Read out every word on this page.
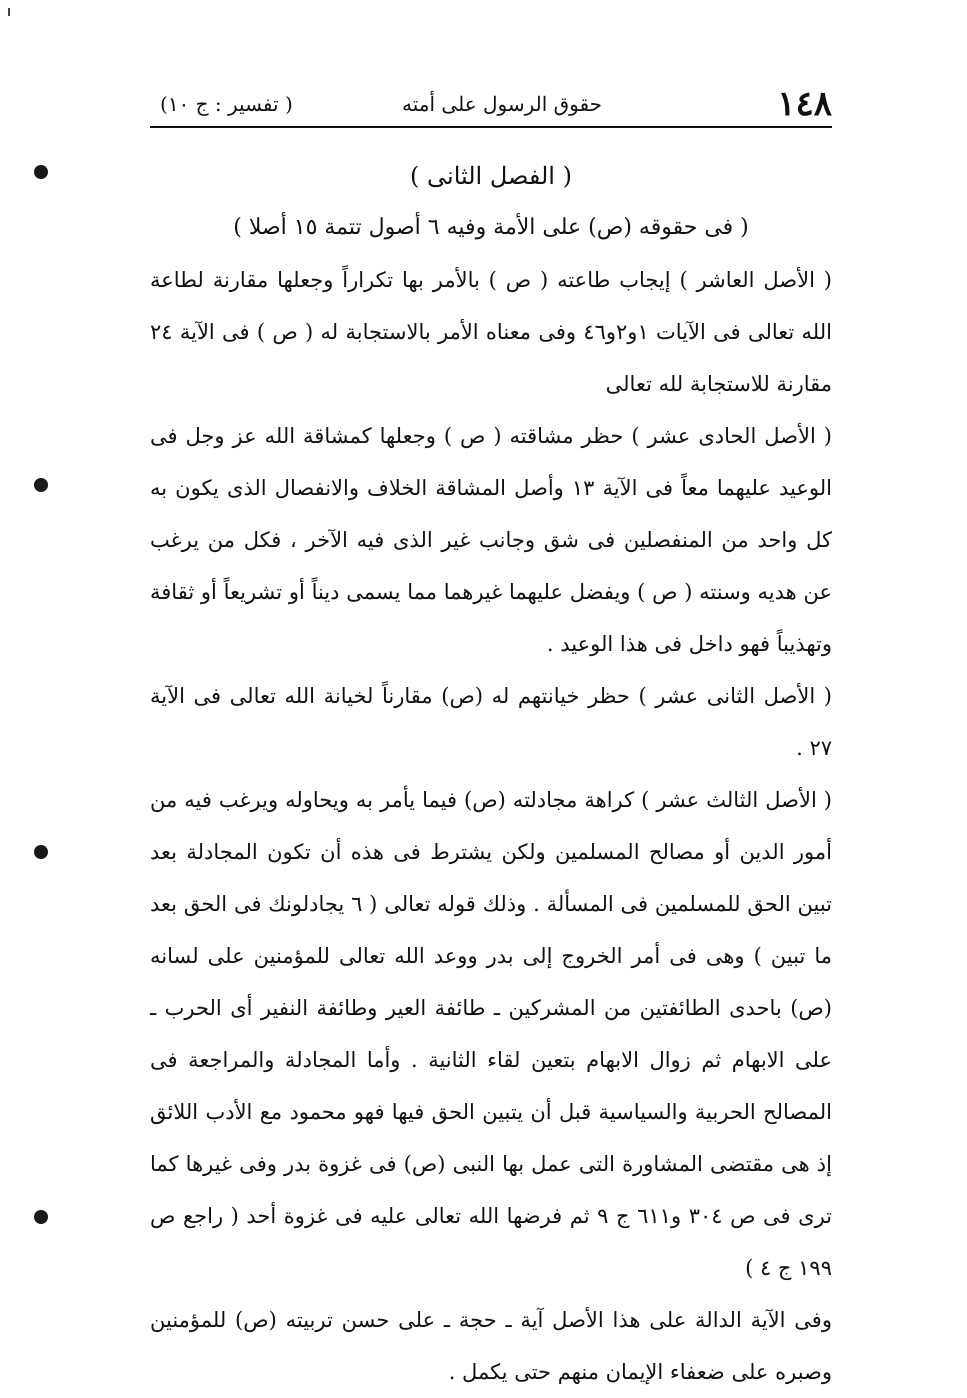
١٤٨
حقوق الرسول على أمته
( تفسير : ج ١٠)

( الفصل الثانى )

( فى حقوقه (ص) على الأمة وفيه ٦ أصول تتمة ١٥ أصلا )

( الأصل العاشر ) إيجاب طاعته ( ص ) بالأمر بها تكراراً وجعلها مقارنة لطاعة الله تعالى فى الآيات ١و٢و٤٦ وفى معناه الأمر بالاستجابة له ( ص ) فى الآية ٢٤ مقارنة للاستجابة لله تعالى

( الأصل الحادى عشر ) حظر مشاقته ( ص ) وجعلها كمشاقة الله عز وجل فى الوعيد عليهما معاً فى الآية ١٣ وأصل المشاقة الخلاف والانفصال الذى يكون به كل واحد من المنفصلين فى شق وجانب غير الذى فيه الآخر ، فكل من يرغب عن هديه وسنته ( ص ) ويفضل عليهما غيرهما مما يسمى ديناً أو تشريعاً أو ثقافة وتهذيباً فهو داخل فى هذا الوعيد .

( الأصل الثانى عشر ) حظر خيانتهم له (ص) مقارناً لخيانة الله تعالى فى الآية ٢٧ .

( الأصل الثالث عشر ) كراهة مجادلته (ص) فيما يأمر به ويحاوله ويرغب فيه من أمور الدين أو مصالح المسلمين ولكن يشترط فى هذه أن تكون المجادلة بعد تبين الحق للمسلمين فى المسألة . وذلك قوله تعالى ( ٦ يجادلونك فى الحق بعد ما تبين ) وهى فى أمر الخروج إلى بدر ووعد الله تعالى للمؤمنين على لسانه (ص) باحدى الطائفتين من المشركين ـ طائفة العير وطائفة النفير أى الحرب ـ على الابهام ثم زوال الابهام بتعين لقاء الثانية . وأما المجادلة والمراجعة فى المصالح الحربية والسياسية قبل أن يتبين الحق فيها فهو محمود مع الأدب اللائق إذ هى مقتضى المشاورة التى عمل بها النبى (ص) فى غزوة بدر وفى غيرها كما ترى فى ص ٣٠٤ و٦١١ ج ٩ ثم فرضها الله تعالى عليه فى غزوة أحد ( راجع ص ١٩٩ ج ٤ )

وفى الآية الدالة على هذا الأصل آية ـ حجة ـ على حسن تربيته (ص) للمؤمنين وصبره على ضعفاء الإيمان منهم حتى يكمل .
